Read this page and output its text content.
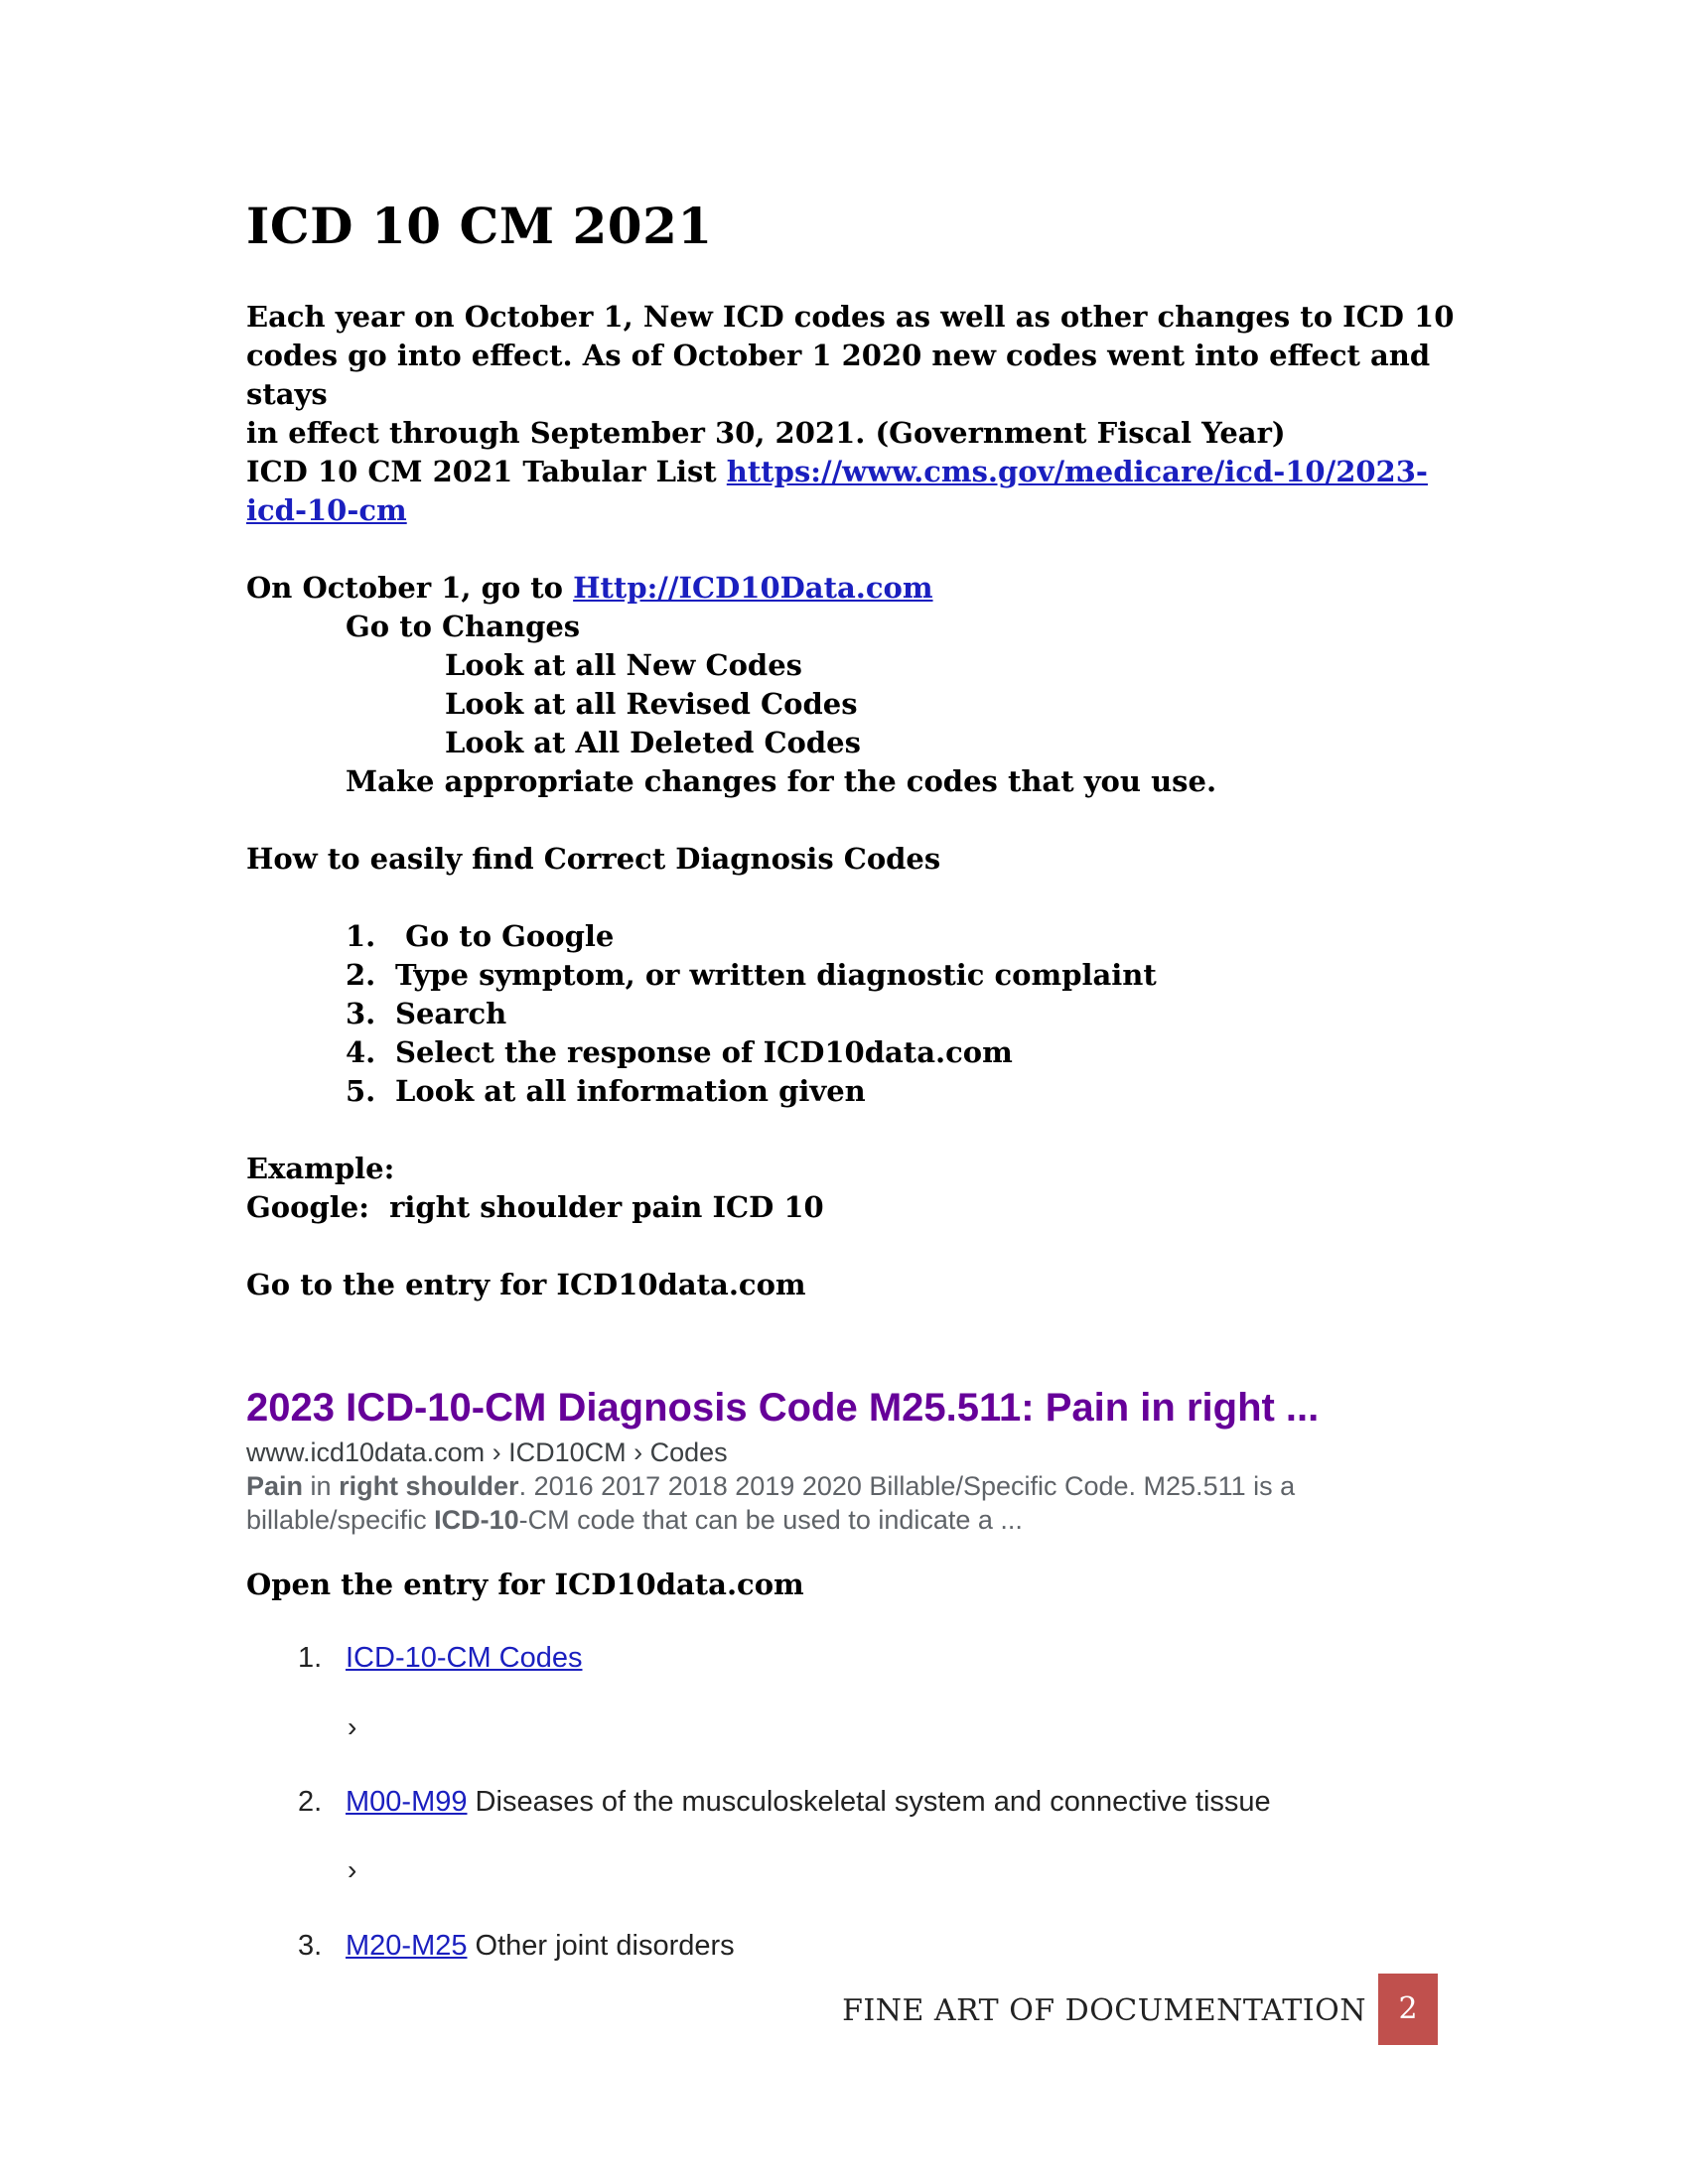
ICD 10 CM 2021
Each year on October 1, New ICD codes as well as other changes to ICD 10
codes go into effect. As of October 1 2020 new codes went into effect and stays
in effect through September 30, 2021. (Government Fiscal Year)
ICD 10 CM 2021 Tabular List https://www.cms.gov/medicare/icd-10/2023-
icd-10-cm
On October 1, go to Http://ICD10Data.com
Go to Changes
Look at all New Codes
Look at all Revised Codes
Look at All Deleted Codes
Make appropriate changes for the codes that you use.
How to easily find Correct Diagnosis Codes
1. Go to Google
2. Type symptom, or written diagnostic complaint
3. Search
4. Select the response of ICD10data.com
5. Look at all information given
Example:
Google:  right shoulder pain ICD 10
Go to the entry for ICD10data.com
2023 ICD-10-CM Diagnosis Code M25.511: Pain in right ...
www.icd10data.com › ICD10CM › Codes
Pain in right shoulder. 2016 2017 2018 2019 2020 Billable/Specific Code. M25.511 is a billable/specific ICD-10-CM code that can be used to indicate a ...
Open the entry for ICD10data.com
1. ICD-10-CM Codes
›
2. M00-M99 Diseases of the musculoskeletal system and connective tissue
›
3. M20-M25 Other joint disorders
FINE ART OF DOCUMENTATION	2
